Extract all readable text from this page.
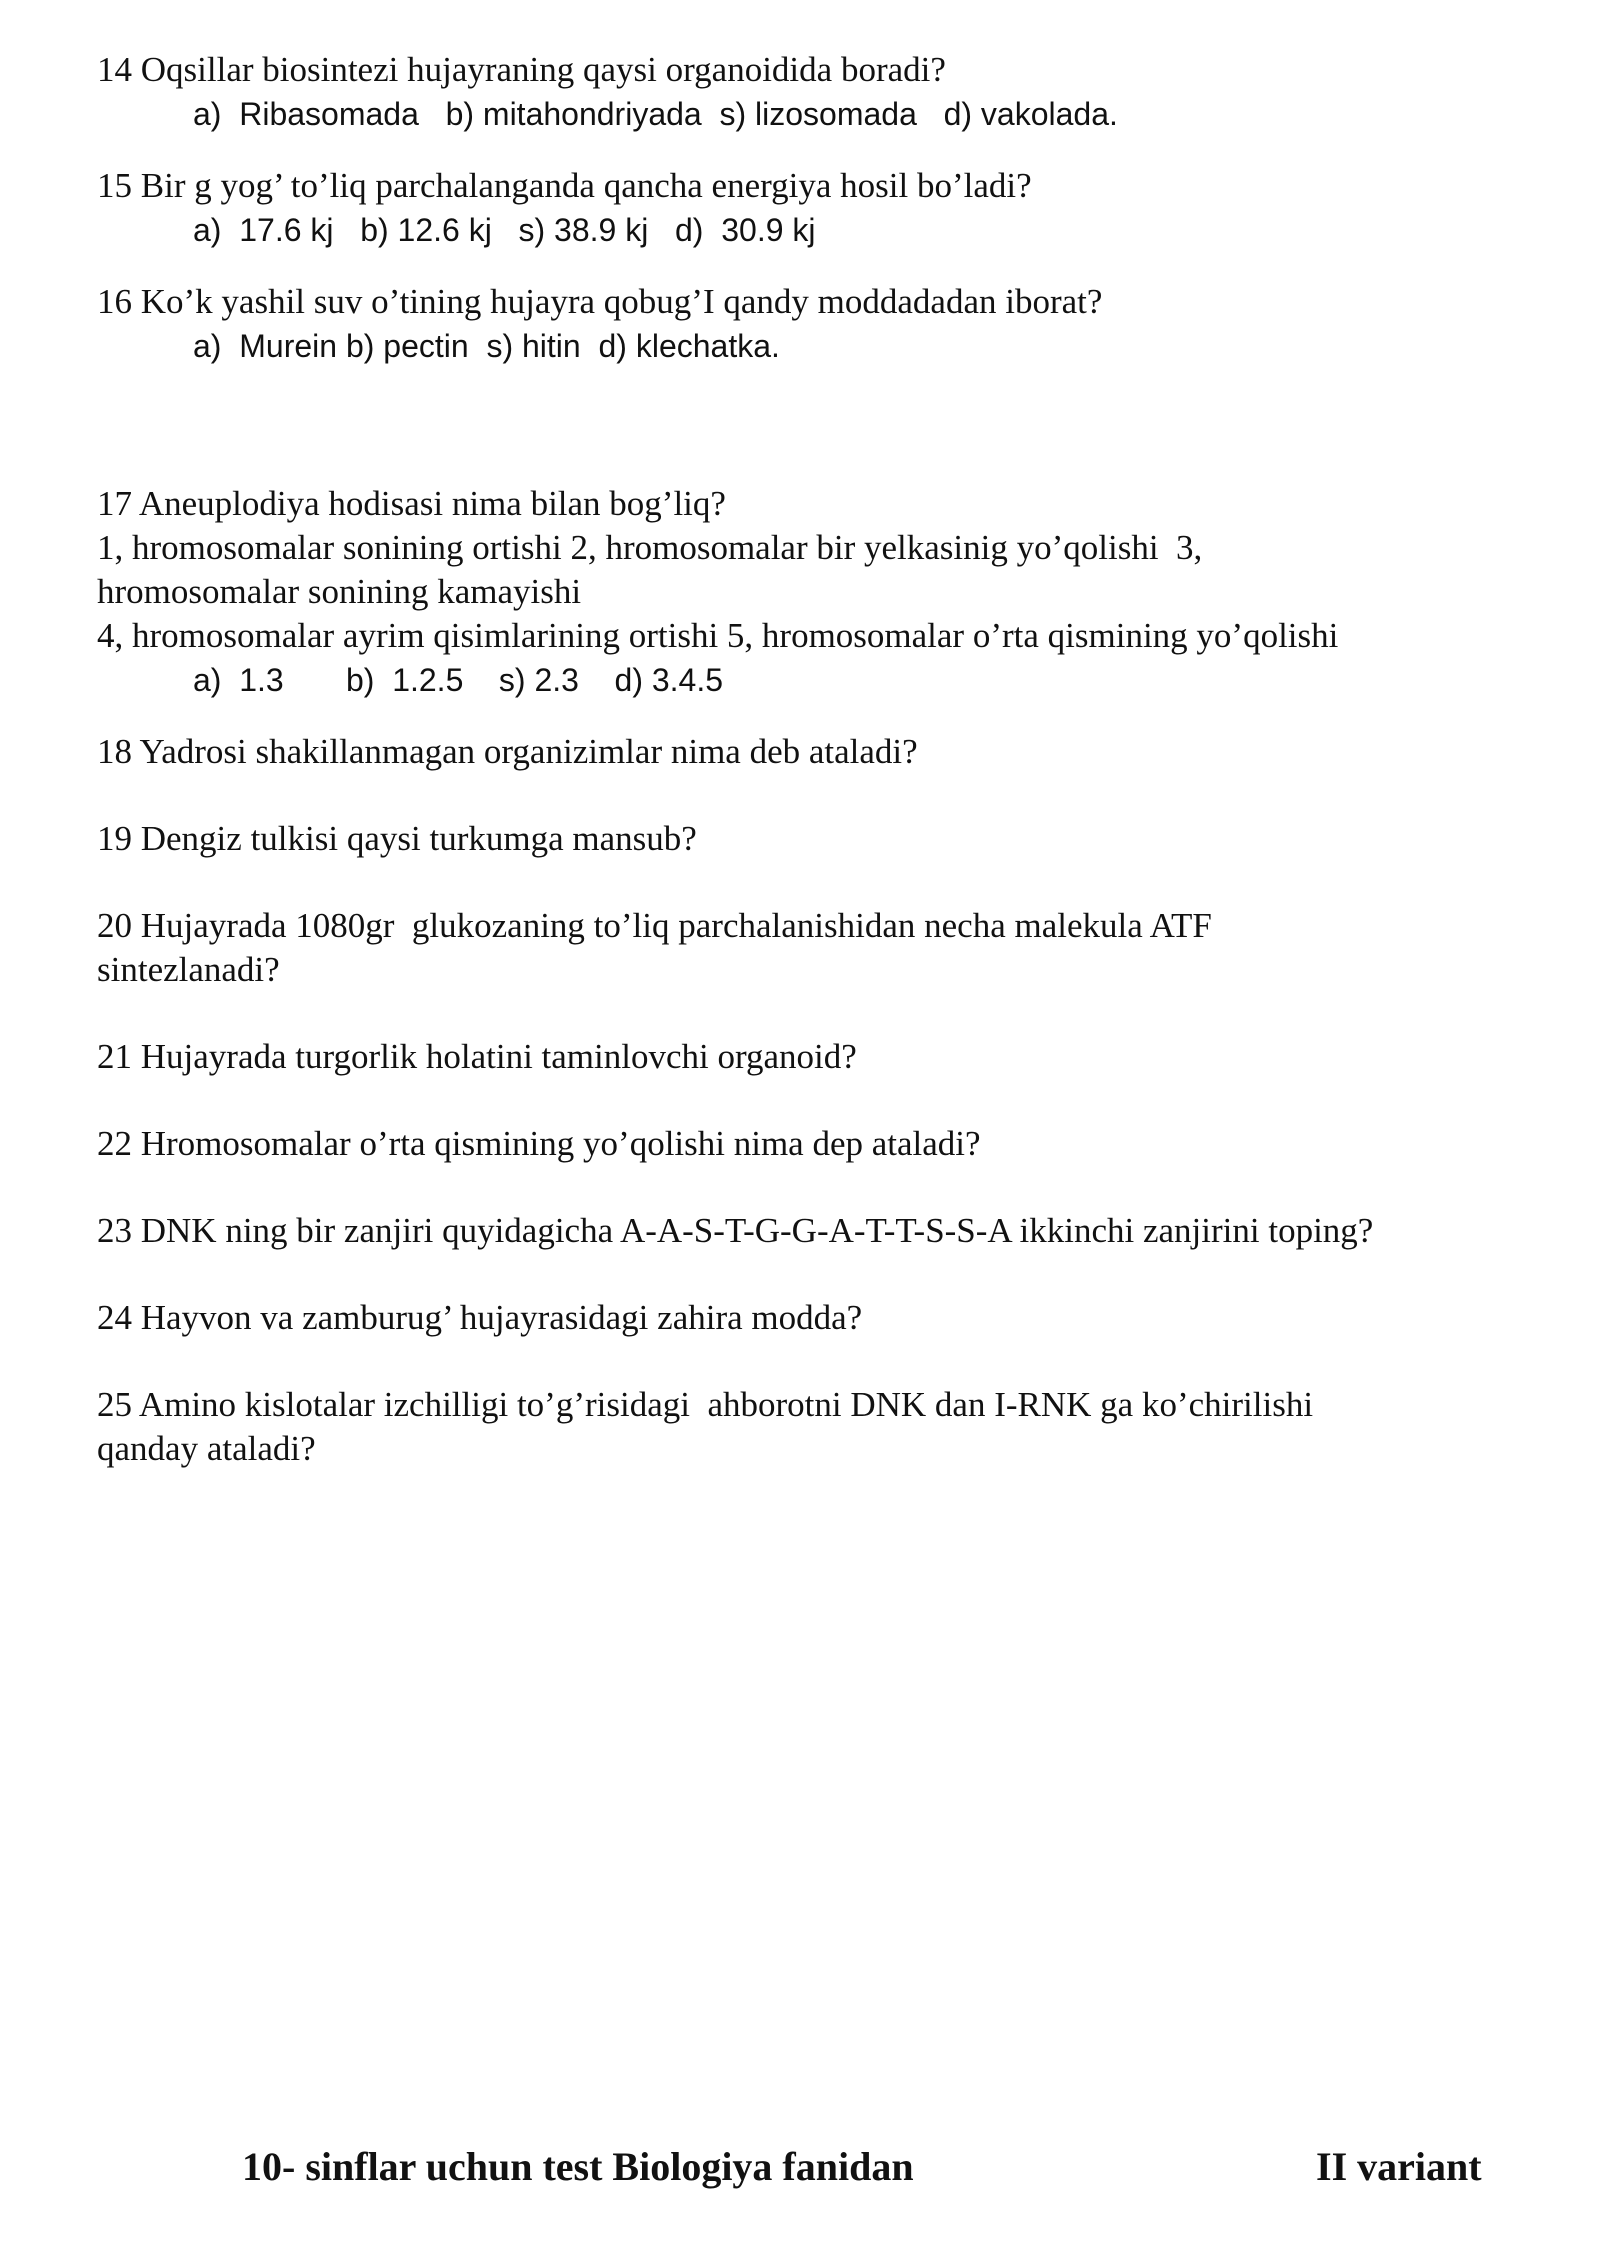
14 Oqsillar biosintezi hujayraning qaysi organoidida boradi?
a)  Ribasomada   b) mitahondriyada  s) lizosomada   d) vakolada.
15 Bir g yog’ to’liq parchalanganda qancha energiya hosil bo’ladi?
a)  17.6 kj   b) 12.6 kj   s) 38.9 kj   d)  30.9 kj
16 Ko’k yashil suv o’tining hujayra qobug’I qandy moddadadan iborat?
a)  Murein b) pectin  s) hitin  d) klechatka.
17 Aneuplodiya hodisasi nima bilan bog’liq?
1, hromosomalar sonining ortishi 2, hromosomalar bir yelkasinig yo’qolishi  3,
hromosomalar sonining kamayishi
4, hromosomalar ayrim qisimlarining ortishi 5, hromosomalar o’rta qismining yo’qolishi
a)  1.3       b)  1.2.5    s) 2.3    d) 3.4.5
18 Yadrosi shakillanmagan organizimlar nima deb ataladi?
19 Dengiz tulkisi qaysi turkumga mansub?
20 Hujayrada 1080gr  glukozaning to’liq parchalanishidan necha malekula ATF
sintezlanadi?
21 Hujayrada turgorlik holatini taminlovchi organoid?
22 Hromosomalar o’rta qismining yo’qolishi nima dep ataladi?
23 DNK ning bir zanjiri quyidagicha A-A-S-T-G-G-A-T-T-S-S-A ikkinchi zanjirini toping?
24 Hayvon va zamburug’ hujayrasidagi zahira modda?
25 Amino kislotalar izchilligi to’g’risidagi  ahborotni DNK dan I-RNK ga ko’chirilishi
qanday ataladi?
10- sinflar uchun test Biologiya fanidan	II variant
